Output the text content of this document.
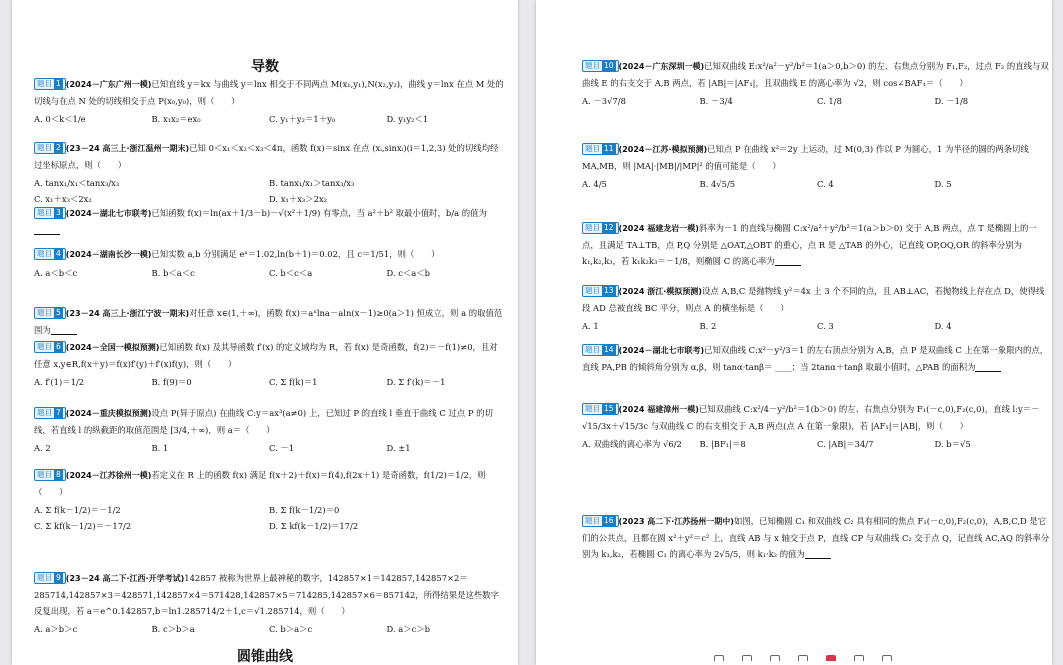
导数
题目 1 (2024－广东广州一模)已知直线 y＝kx 与曲线 y＝lnx 相交于不同两点 M(x₁,y₁),N(x₂,y₂)，曲线 y＝lnx 在点 M 处的切线与在点 N 处的切线相交于点 P(x₀,y₀)，则（　　）
A. 0＜k＜1/e	B. x₁x₂＝ex₀	C. y₁＋y₂＝1＋y₀	D. y₁y₂＜1
题目 2 (23－24 高三上·浙江温州一期末)已知 0＜x₁＜x₂＜x₃＜4π，函数 f(x)＝sinx 在点 (xᵢ,sinxᵢ)(i＝1,2,3) 处的切线均经过坐标原点，则（　　）
A. tanx₁/x₁＜tanx₃/x₃	B. tanx₁/x₁＞tanx₃/x₃
C. x₁＋x₃＜2x₂	D. x₁＋x₃＞2x₂
题目 3 (2024－湖北七市联考)已知函数 f(x)＝ln(ax＋1/3－b)－√(x²＋1/9) 有零点，当 a²＋b² 取最小值时，b/a 的值为
题目 4 (2024－湖南长沙一模)已知实数 a,b 分别满足 eᵃ＝1.02,ln(b＋1)＝0.02，且 c＝1/51，则（　　）
A. a＜b＜c	B. b＜a＜c	C. b＜c＜a	D. c＜a＜b
题目 5 (23－24 高三上·浙江宁波一期末)对任意 x∈(1,＋∞)，函数 f(x)＝aˣlna－aln(x－1)≥0(a＞1) 恒成立，则 a 的取值范围为
题目 6 (2024－全国一模拟预测)已知函数 f(x) 及其导函数 f′(x) 的定义域均为 R，若 f(x) 是奇函数，f(2)＝－f(1)≠0，且对任意 x,y∈R,f(x＋y)＝f(x)f′(y)＋f′(x)f(y)，则（　　）
A. f′(1)＝1/2	B. f(9)＝0	C. Σ f(k)＝1	D. Σ f′(k)＝－1
题目 7 (2024－重庆模拟预测)设点 P(异于原点) 在曲线 C:y＝ax³(a≠0) 上，已知过 P 的直线 l 垂直于曲线 C 过点 P 的切线，若直线 l 的纵截距的取值范围是 [3/4,＋∞)，则 a＝（　　）
A. 2	B. 1	C. －1	D. ±1
题目 8 (2024－江苏徐州一模)若定义在 R 上的函数 f(x) 满足 f(x＋2)＋f(x)＝f(4),f(2x＋1) 是奇函数，f(1/2)＝1/2，则（　　）
A. Σ f(k－1/2)＝－1/2	B. Σ f(k－1/2)＝0
C. Σ kf(k－1/2)＝－17/2	D. Σ kf(k－1/2)＝17/2
题目 9 (23－24 高二下·江西·开学考试)142857 被称为世界上最神秘的数字，142857×1＝142857,142857×2＝285714,142857×3＝428571,142857×4＝571428,142857×5＝714285,142857×6＝857142，所得结果是这些数字反复出现，若 a＝e^0.142857,b＝ln1.285714/2＋1,c＝√1.285714，则（　　）
A. a＞b＞c	B. c＞b＞a	C. b＞a＞c	D. a＞c＞b
圆锥曲线
题目 10 (2024－广东深圳一模)已知双曲线 E:x²/a²－y²/b²＝1(a＞0,b＞0) 的左、右焦点分别为 F₁,F₂，过点 F₂ 的直线与双曲线 E 的右支交于 A,B 两点，若 |AB|＝|AF₁|，且双曲线 E 的离心率为 √2，则 cos∠BAF₁＝（　　）
A. －3√7/8	B. －3/4	C. 1/8	D. －1/8
题目 11 (2024－江苏·模拟预测)已知点 P 在曲线 x²＝2y 上运动，过 M(0,3) 作以 P 为圆心，1 为半径的圆的两条切线 MA,MB，则 |MA|·|MB|/|MP|² 的值可能是（　　）
A. 4/5	B. 4√5/5	C. 4	D. 5
题目 12 (2024 福建龙岩一模)斜率为－1 的直线与椭圆 C:x²/a²＋y²/b²＝1(a＞b＞0) 交于 A,B 两点，点 T 是椭圆上的一点，且满足 TA⊥TB，点 P,Q 分别是 △OAT,△OBT 的重心，点 R 是 △TAB 的外心，记直线 OP,OQ,OR 的斜率分别为 k₁,k₂,k₃，若 k₁k₂k₃＝－1/8，则椭圆 C 的离心率为
题目 13 (2024 浙江·模拟预测)设点 A,B,C 是抛物线 y²＝4x 上 3 个不同的点，且 AB⊥AC，若抛物线上存在点 D，使得线段 AD 总被直线 BC 平分，则点 A 的横坐标是（　　）
A. 1	B. 2	C. 3	D. 4
题目 14 (2024－湖北七市联考)已知双曲线 C:x²－y²/3＝1 的左右顶点分别为 A,B，点 P 是双曲线 C 上在第一象限内的点，直线 PA,PB 的倾斜角分别为 α,β，则 tanα·tanβ＝ ____；当 2tanα＋tanβ 取最小值时，△PAB 的面积为
题目 15 (2024 福建漳州一模)已知双曲线 C:x²/4－y²/b²＝1(b＞0) 的左、右焦点分别为 F₁(－c,0),F₂(c,0)，直线 l:y＝－√15/3x＋√15/3c 与双曲线 C 的右支相交于 A,B 两点(点 A 在第一象限)，若 |AF₁|＝|AB|，则（　　）
A. 双曲线的离心率为 √6/2	B. |BF₁|＝8	C. |AB|＝34/7	D. b＝√5
题目 16 (2023 高二下·江苏扬州一期中)如图，已知椭圆 C₁ 和双曲线 C₂ 具有相同的焦点 F₁(－c,0),F₂(c,0)，A,B,C,D 是它们的公共点，且都在圆 x²＋y²＝c² 上，直线 AB 与 x 轴交于点 P，直线 CP 与双曲线 C₂ 交于点 Q，记直线 AC,AQ 的斜率分别为 k₁,k₂，若椭圆 C₁ 的离心率为 2√5/5，则 k₁·k₂ 的值为
